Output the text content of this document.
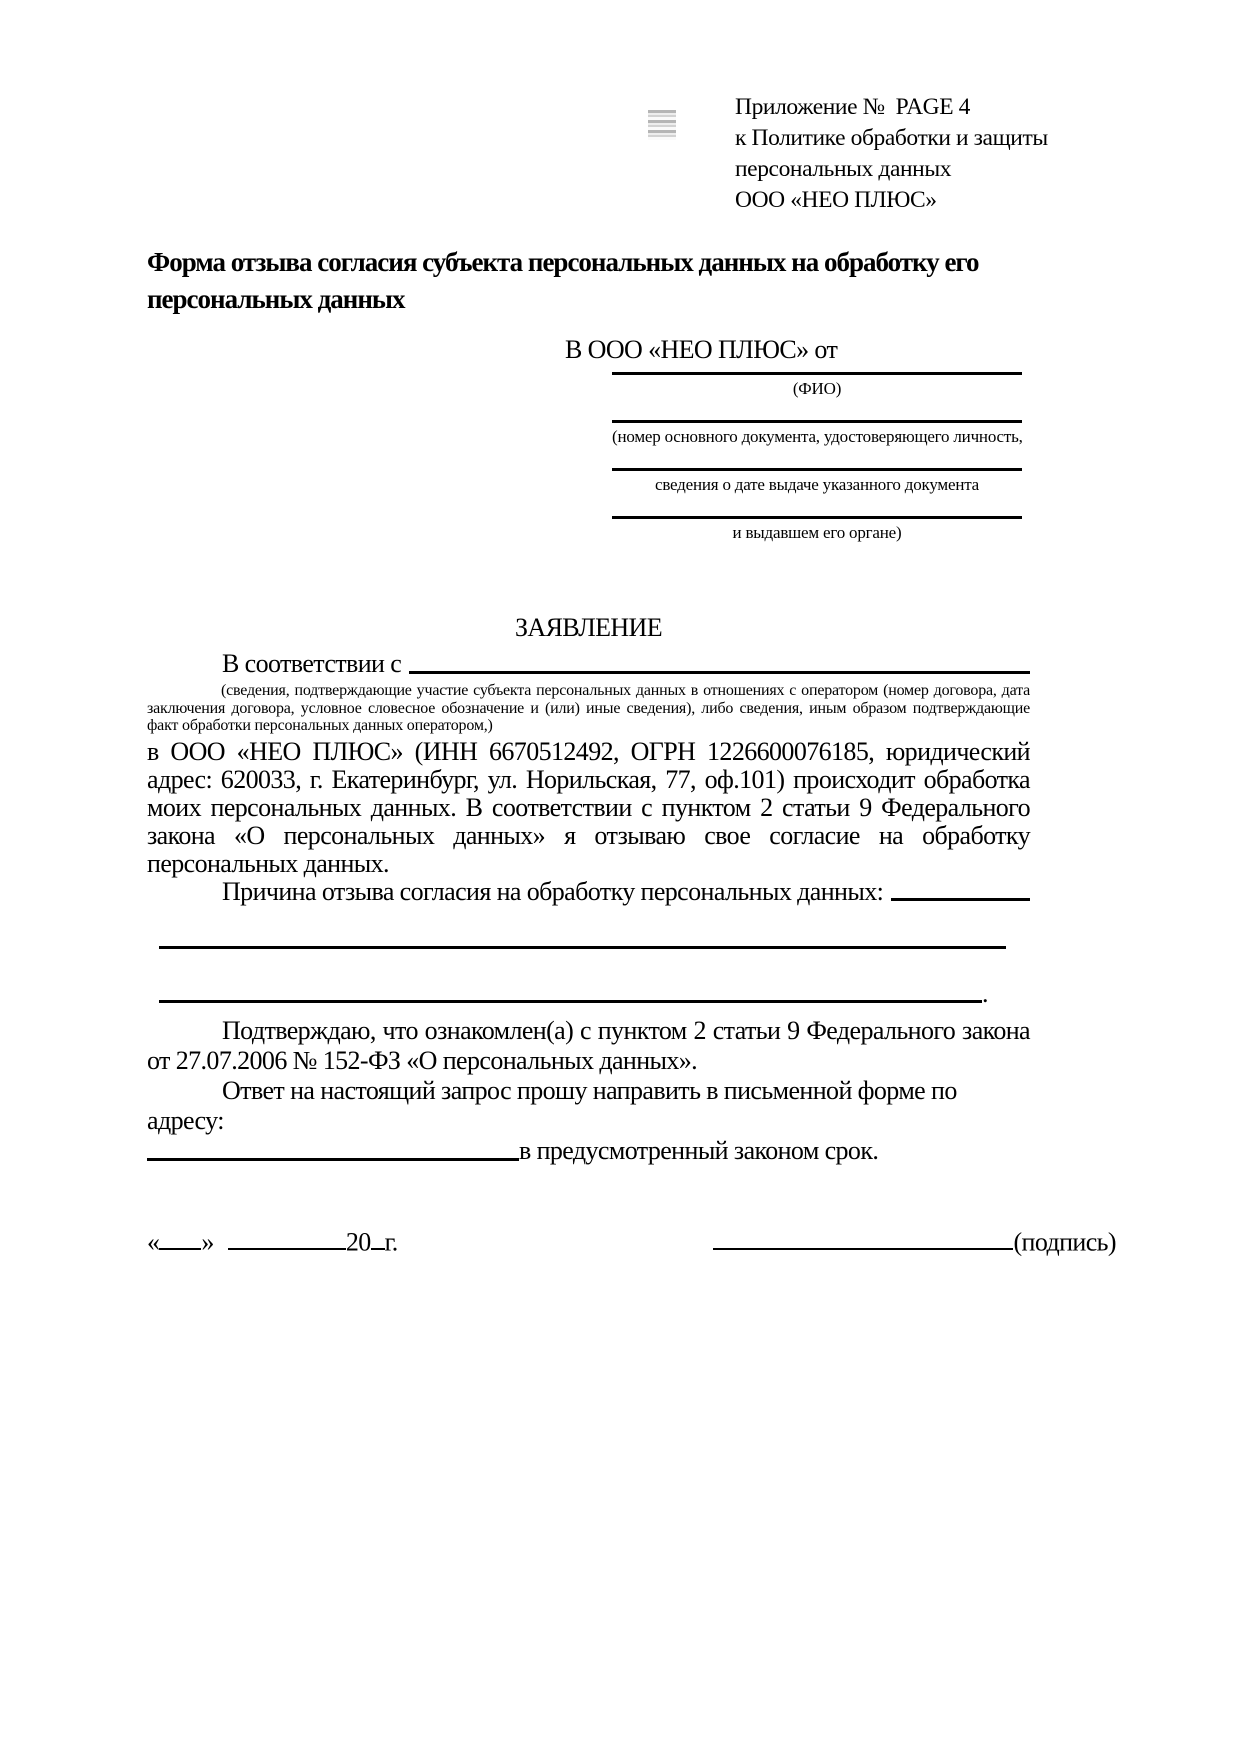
Приложение №  PAGE 4
к Политике обработки и защиты
персональных данных
ООО «НЕО ПЛЮС»
Форма отзыва согласия субъекта персональных данных на обработку его
персональных данных
В ООО «НЕО ПЛЮС» от
(ФИО)
(номер основного документа, удостоверяющего личность,
сведения о дате выдаче указанного документа
и выдавшем его органе)
ЗАЯВЛЕНИЕ
В соответствии с
(сведения, подтверждающие участие субъекта персональных данных в отношениях с оператором (номер договора, дата заключения договора, условное словесное обозначение и (или) иные сведения), либо сведения, иным образом подтверждающие факт обработки персональных данных оператором,)
в ООО «НЕО ПЛЮС» (ИНН 6670512492, ОГРН 1226600076185, юридический адрес: 620033, г. Екатеринбург, ул. Норильская, 77, оф.101) происходит обработка моих персональных данных. В соответствии с пунктом 2 статьи 9 Федерального закона «О персональных данных» я отзываю свое согласие на обработку персональных данных.
Причина отзыва согласия на обработку персональных данных:
.
Подтверждаю, что ознакомлен(а) с пунктом 2 статьи 9 Федерального закона от 27.07.2006 № 152-ФЗ «О персональных данных».
Ответ на настоящий запрос прошу направить в письменной форме по адресу:
в предусмотренный законом срок.
« »	20 г.	(подпись)
